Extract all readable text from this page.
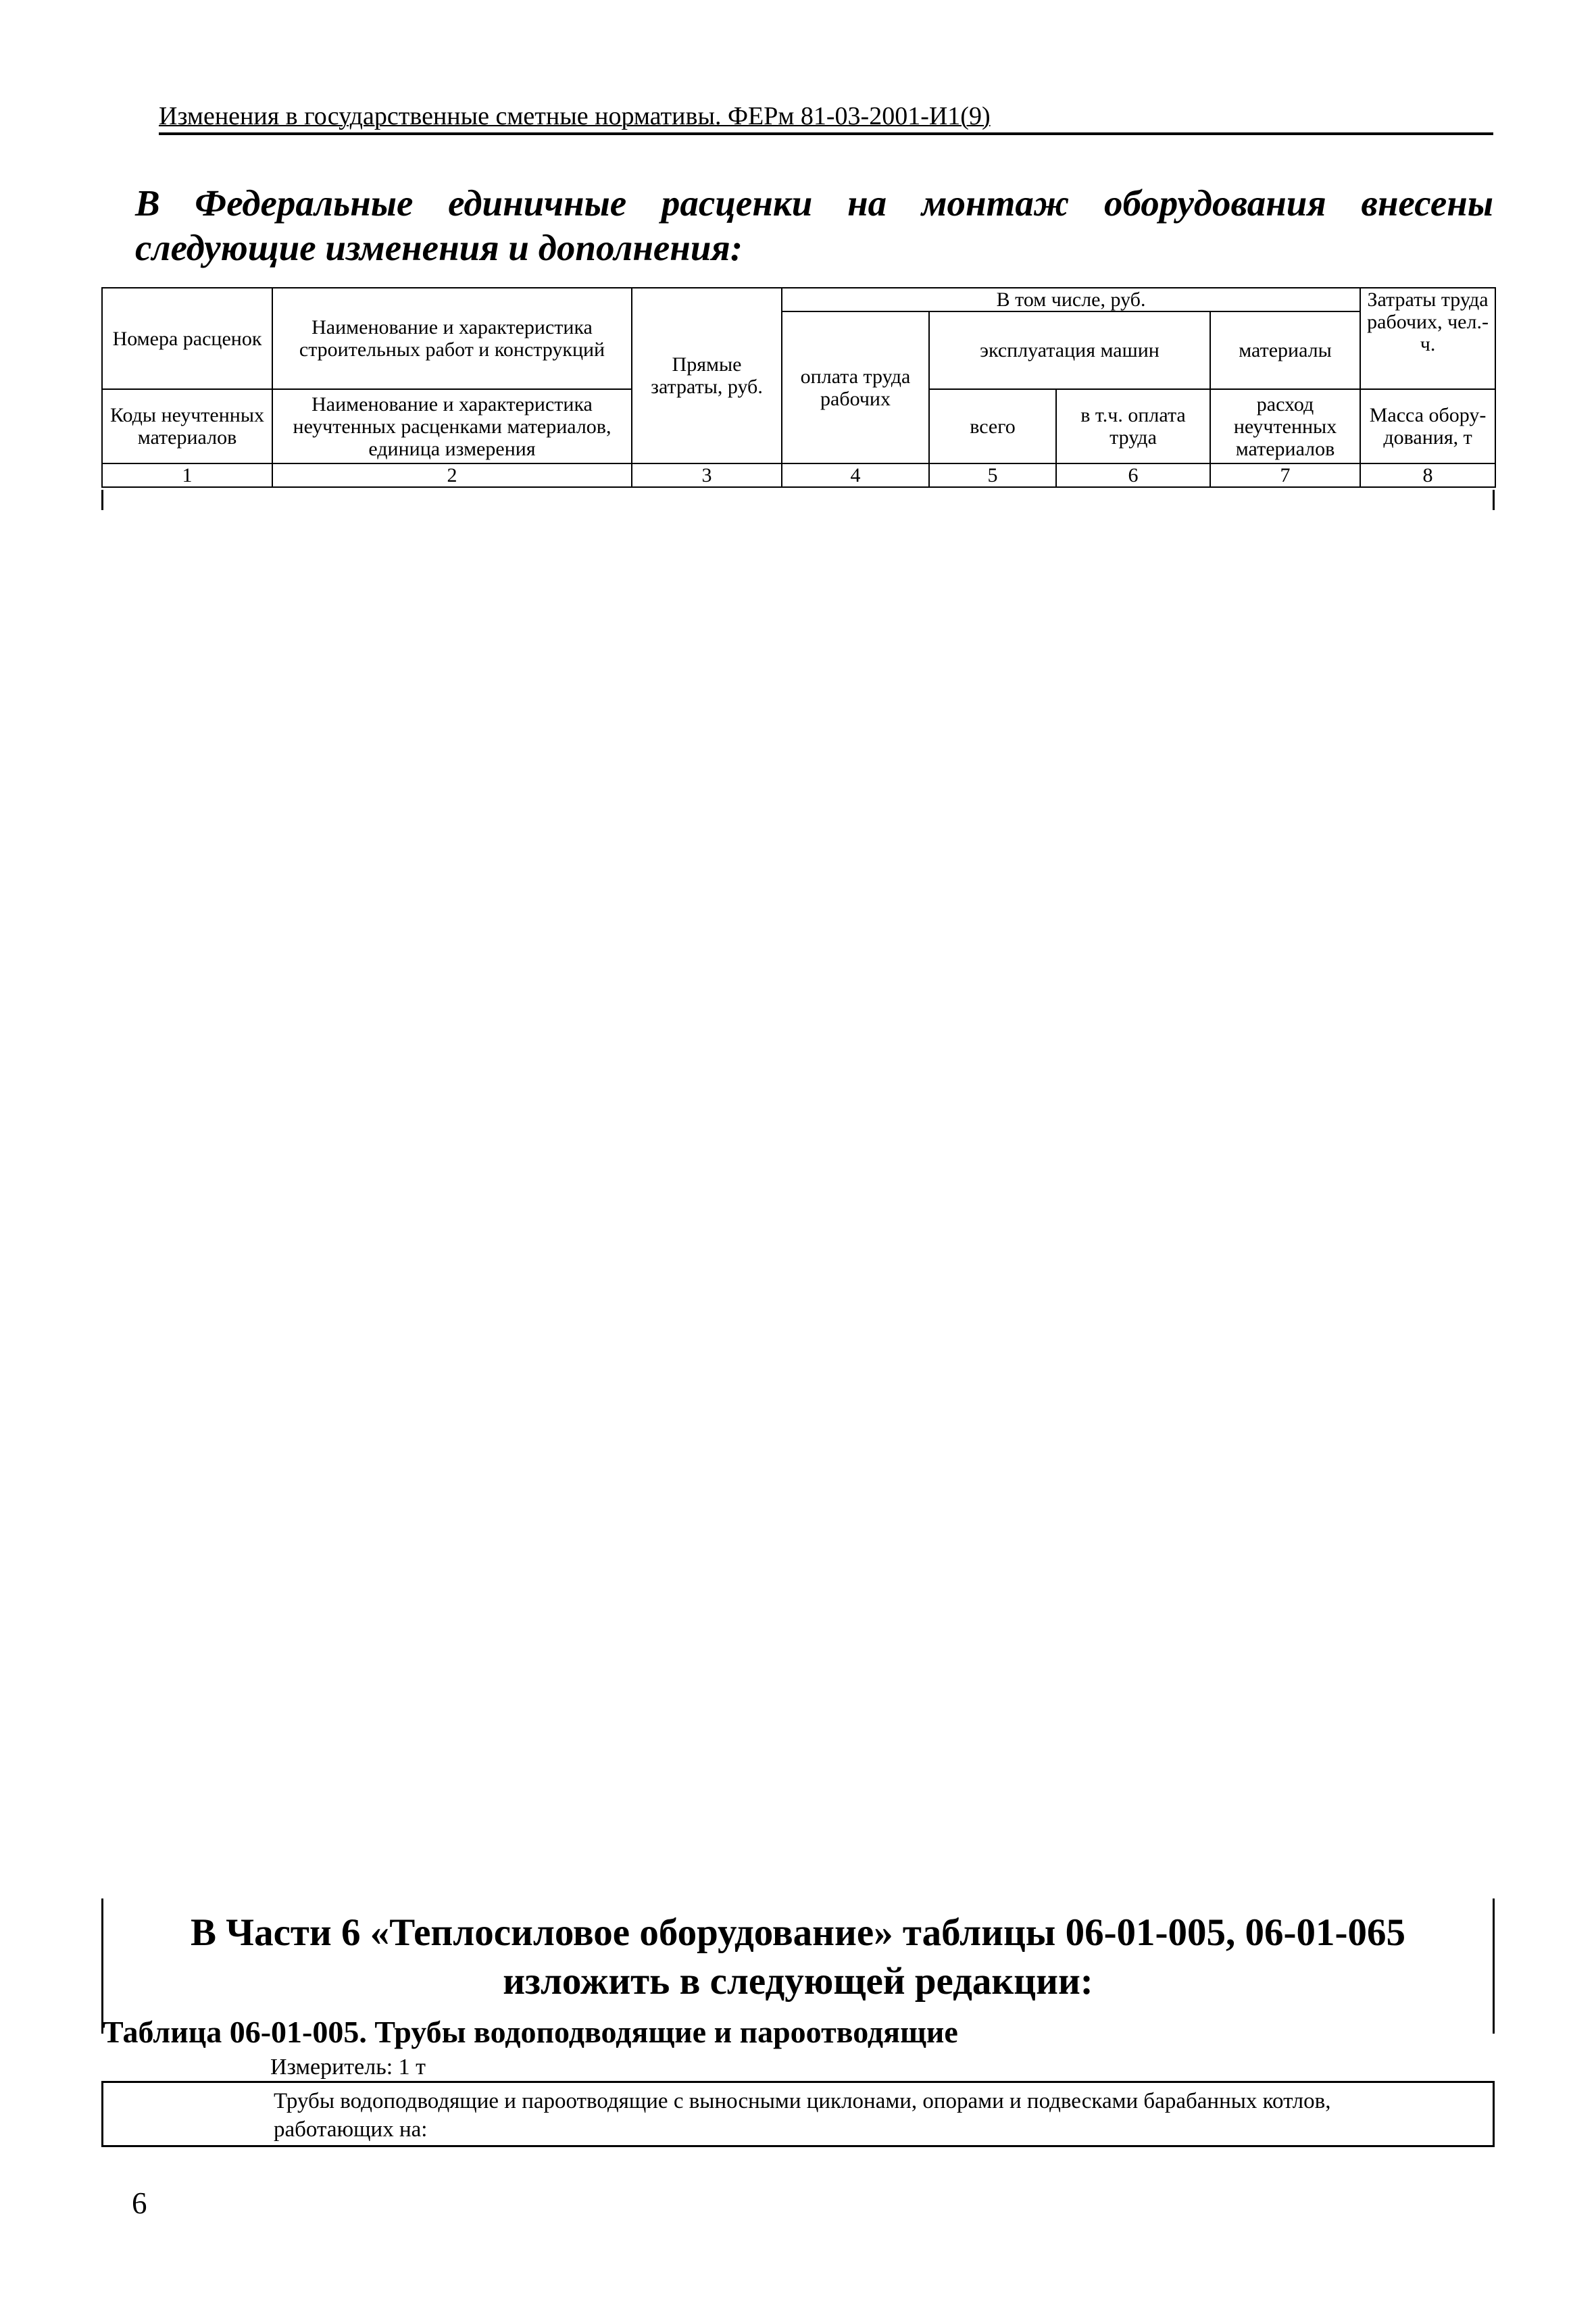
Изменения в государственные сметные нормативы. ФЕРм 81-03-2001-И1(9)
В Федеральные единичные расценки на монтаж оборудования внесены следующие изменения и дополнения:
Номера расценок	Наименование и характеристика строительных работ и конструкций	Прямые затраты, руб.	В том числе, руб.				Затраты труда рабочих, чел.-ч.
			оплата труда рабочих	эксплуатация машин		материалы	
Коды неучтенных материалов	Наименование и характеристика неучтенных расценками материалов, единица измерения			всего	в т.ч. оплата труда	расход неучтенных материалов	Масса обору-дования, т

1	2	3	4	5	6	7	8
В Части 6 «Теплосиловое оборудование» таблицы 06-01-005, 06-01-065
изложить в следующей редакции:
Таблица 06-01-005. Трубы водоподводящие и пароотводящие
Измеритель: 1 т
Трубы водоподводящие и пароотводящие с выносными циклонами, опорами и подвесками барабанных котлов,
работающих на:
6
